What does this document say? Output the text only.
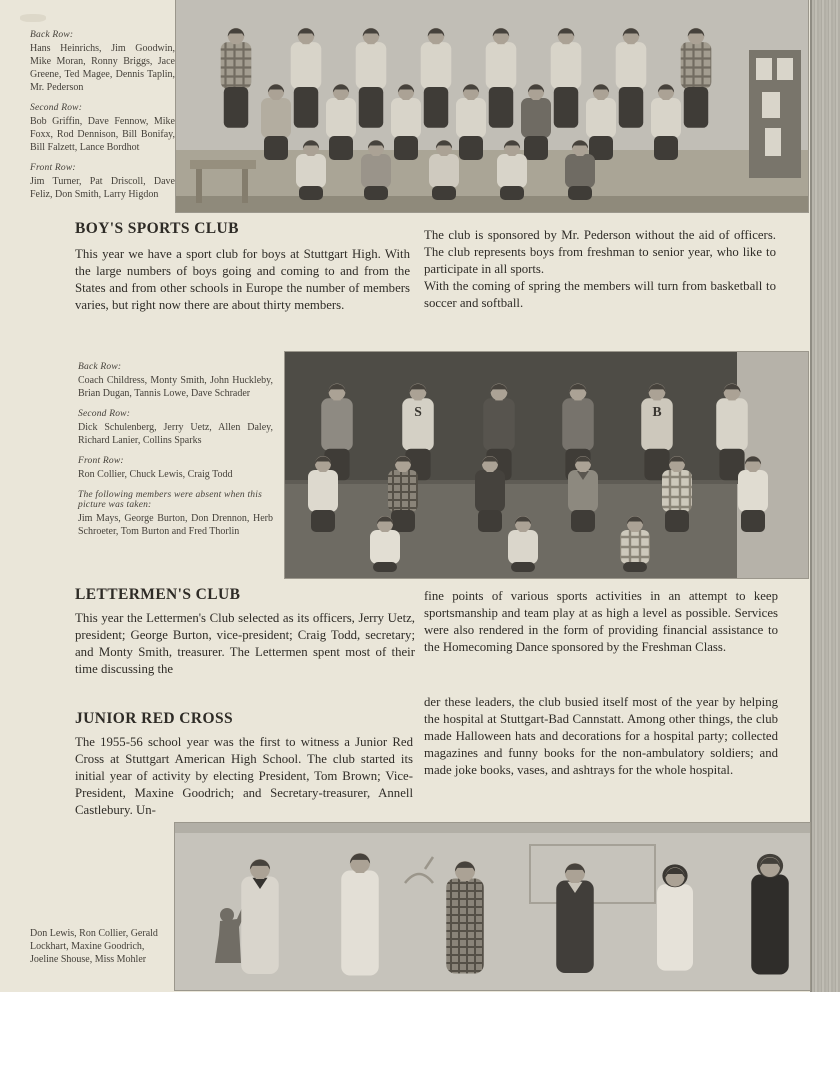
S	B

Back Row:

Hans Heinrichs, Jim Goodwin, Mike Moran, Ronny Briggs, Jace Greene, Ted Magee, Dennis Taplin, Mr. Pederson

Second Row:

Bob Griffin, Dave Fennow, Mike Foxx, Rod Dennison, Bill Bonifay, Bill Falzett, Lance Bordhot

Front Row:

Jim Turner, Pat Driscoll, Dave Feliz, Don Smith, Larry Higdon

Back Row:

Coach Childress, Monty Smith, John Huckleby, Brian Dugan, Tannis Lowe, Dave Schrader

Second Row:

Dick Schulenberg, Jerry Uetz, Allen Daley, Richard Lanier, Collins Sparks

Front Row:

Ron Collier, Chuck Lewis, Craig Todd

The following members were absent when this picture was taken:

Jim Mays, George Burton, Don Drennon, Herb Schroeter, Tom Burton and Fred Thorlin

Don Lewis, Ron Collier, Gerald Lockhart, Maxine Goodrich, Joeline Shouse, Miss Mohler

BOY'S SPORTS CLUB

This year we have a sport club for boys at Stuttgart High. With the large numbers of boys going and coming to and from the States and from other schools in Europe the number of members varies, but right now there are about thirty members.

The club is sponsored by Mr. Pederson without the aid of officers. The club represents boys from freshman to senior year, who like to participate in all sports.

With the coming of spring the members will turn from basketball to soccer and softball.

LETTERMEN'S CLUB

This year the Lettermen's Club selected as its officers, Jerry Uetz, president; George Burton, vice-president; Craig Todd, secretary; and Monty Smith, treasurer. The Lettermen spent most of their time discussing the

fine points of various sports activities in an attempt to keep sportsmanship and team play at as high a level as possible. Services were also rendered in the form of providing financial assistance to the Homecoming Dance sponsored by the Freshman Class.

JUNIOR RED CROSS

The 1955-56 school year was the first to witness a Junior Red Cross at Stuttgart American High School. The club started its initial year of activity by electing President, Tom Brown; Vice-President, Maxine Goodrich; and Secretary-treasurer, Annell Castlebury. Un-

der these leaders, the club busied itself most of the year by helping the hospital at Stuttgart-Bad Cannstatt. Among other things, the club made Halloween hats and decorations for a hospital party; collected magazines and funny books for the non-ambulatory soldiers; and made joke books, vases, and ashtrays for the whole hospital.
